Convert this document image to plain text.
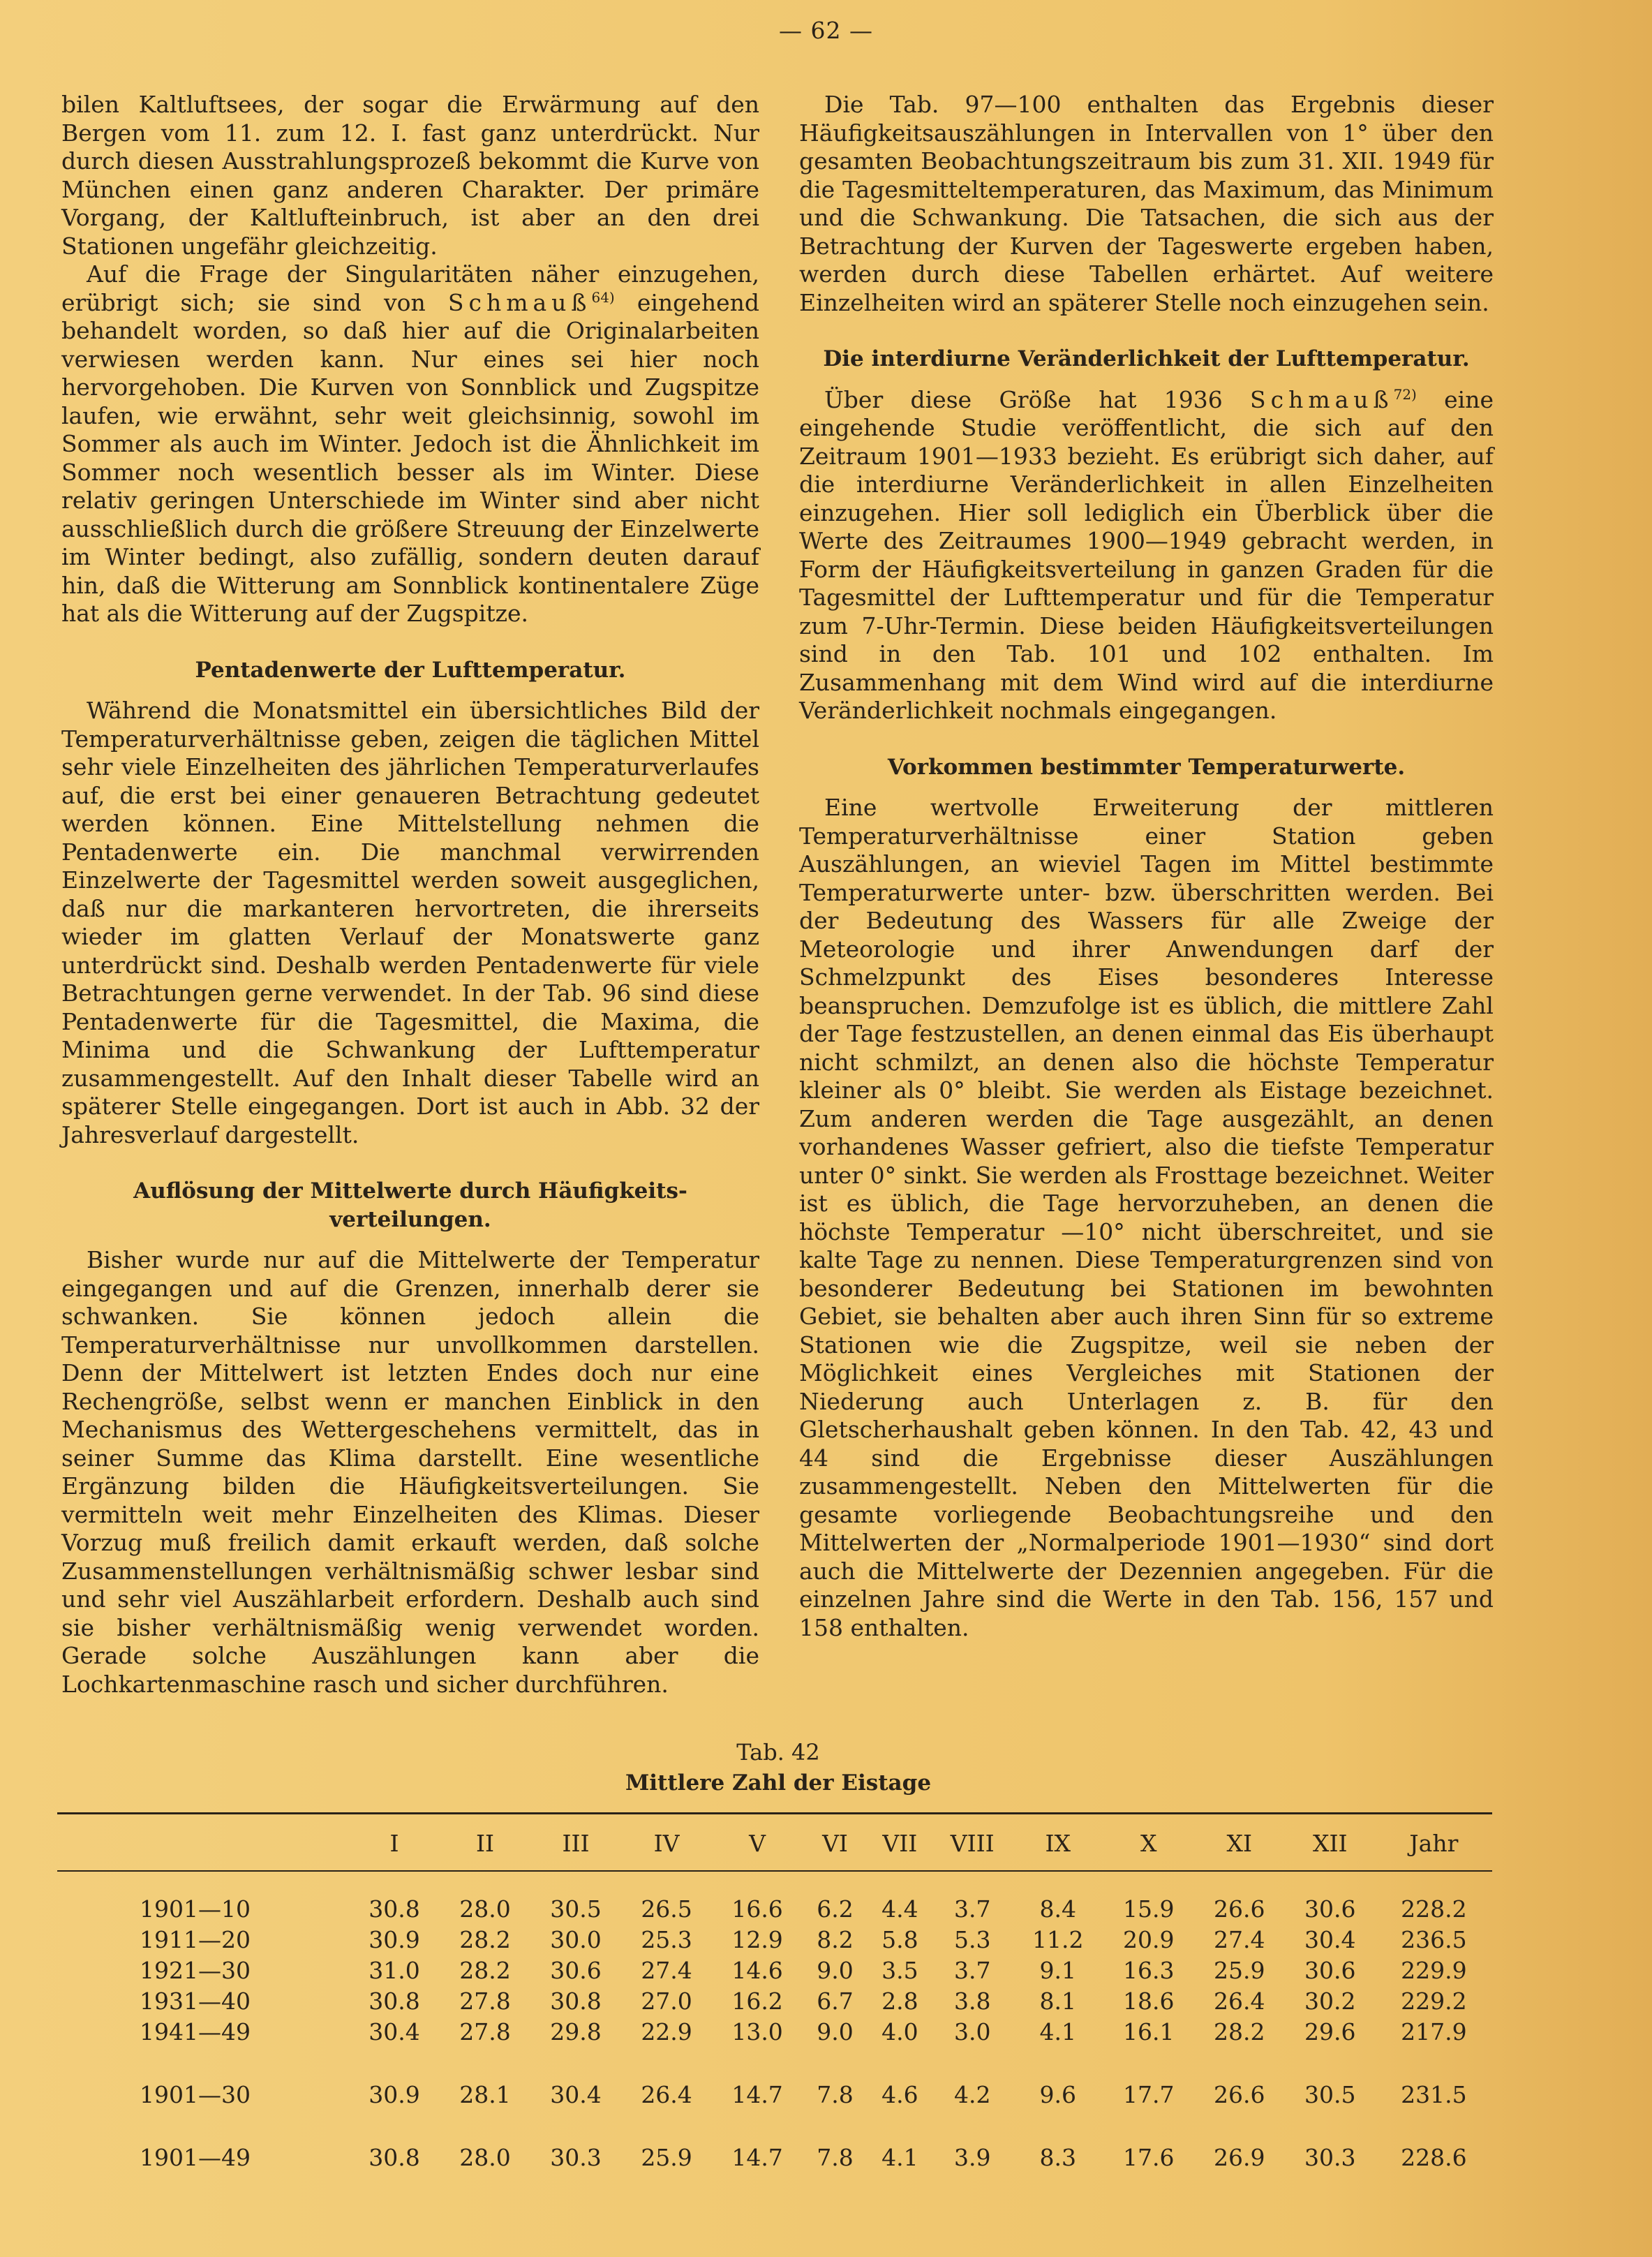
— 62 —

bilen Kaltluftsees, der sogar die Erwärmung auf den Bergen vom 11. zum 12. I. fast ganz unterdrückt. Nur durch diesen Ausstrahlungsprozeß bekommt die Kurve von München einen ganz anderen Charakter. Der primäre Vorgang, der Kaltlufteinbruch, ist aber an den drei Stationen ungefähr gleichzeitig.

Auf die Frage der Singularitäten näher einzugehen, erübrigt sich; sie sind von Schmauß$^{64)}$ eingehend behandelt worden, so daß hier auf die Originalarbeiten verwiesen werden kann. Nur eines sei hier noch hervorgehoben. Die Kurven von Sonnblick und Zugspitze laufen, wie erwähnt, sehr weit gleichsinnig, sowohl im Sommer als auch im Winter. Jedoch ist die Ähnlichkeit im Sommer noch wesentlich besser als im Winter. Diese relativ geringen Unterschiede im Winter sind aber nicht ausschließlich durch die größere Streuung der Einzelwerte im Winter bedingt, also zufällig, sondern deuten darauf hin, daß die Witterung am Sonnblick kontinentalere Züge hat als die Witterung auf der Zugspitze.

Pentadenwerte der Lufttemperatur.

Während die Monatsmittel ein übersichtliches Bild der Temperaturverhältnisse geben, zeigen die täglichen Mittel sehr viele Einzelheiten des jährlichen Temperaturverlaufes auf, die erst bei einer genaueren Betrachtung gedeutet werden können. Eine Mittelstellung nehmen die Pentadenwerte ein. Die manchmal verwirrenden Einzelwerte der Tagesmittel werden soweit ausgeglichen, daß nur die markanteren hervortreten, die ihrerseits wieder im glatten Verlauf der Monatswerte ganz unterdrückt sind. Deshalb werden Pentadenwerte für viele Betrachtungen gerne verwendet. In der Tab. 96 sind diese Pentadenwerte für die Tagesmittel, die Maxima, die Minima und die Schwankung der Lufttemperatur zusammengestellt. Auf den Inhalt dieser Tabelle wird an späterer Stelle eingegangen. Dort ist auch in Abb. 32 der Jahresverlauf dargestellt.

Auflösung der Mittelwerte durch Häufigkeits-
verteilungen.

Bisher wurde nur auf die Mittelwerte der Temperatur eingegangen und auf die Grenzen, innerhalb derer sie schwanken. Sie können jedoch allein die Temperaturverhältnisse nur unvollkommen darstellen. Denn der Mittelwert ist letzten Endes doch nur eine Rechengröße, selbst wenn er manchen Einblick in den Mechanismus des Wettergeschehens vermittelt, das in seiner Summe das Klima darstellt. Eine wesentliche Ergänzung bilden die Häufigkeitsverteilungen. Sie vermitteln weit mehr Einzelheiten des Klimas. Dieser Vorzug muß freilich damit erkauft werden, daß solche Zusammenstellungen verhältnismäßig schwer lesbar sind und sehr viel Auszählarbeit erfordern. Deshalb auch sind sie bisher verhältnismäßig wenig verwendet worden. Gerade solche Auszählungen kann aber die Lochkartenmaschine rasch und sicher durchführen.

Die Tab. 97—100 enthalten das Ergebnis dieser Häufigkeitsauszählungen in Intervallen von 1° über den gesamten Beobachtungszeitraum bis zum 31. XII. 1949 für die Tagesmitteltemperaturen, das Maximum, das Minimum und die Schwankung. Die Tatsachen, die sich aus der Betrachtung der Kurven der Tageswerte ergeben haben, werden durch diese Tabellen erhärtet. Auf weitere Einzelheiten wird an späterer Stelle noch einzugehen sein.

Die interdiurne Veränderlichkeit der Lufttemperatur.

Über diese Größe hat 1936 Schmauß$^{72)}$ eine eingehende Studie veröffentlicht, die sich auf den Zeitraum 1901—1933 bezieht. Es erübrigt sich daher, auf die interdiurne Veränderlichkeit in allen Einzelheiten einzugehen. Hier soll lediglich ein Überblick über die Werte des Zeitraumes 1900—1949 gebracht werden, in Form der Häufigkeitsverteilung in ganzen Graden für die Tagesmittel der Lufttemperatur und für die Temperatur zum 7-Uhr-Termin. Diese beiden Häufigkeitsverteilungen sind in den Tab. 101 und 102 enthalten. Im Zusammenhang mit dem Wind wird auf die interdiurne Veränderlichkeit nochmals eingegangen.

Vorkommen bestimmter Temperaturwerte.

Eine wertvolle Erweiterung der mittleren Temperaturverhältnisse einer Station geben Auszählungen, an wieviel Tagen im Mittel bestimmte Temperaturwerte unter- bzw. überschritten werden. Bei der Bedeutung des Wassers für alle Zweige der Meteorologie und ihrer Anwendungen darf der Schmelzpunkt des Eises besonderes Interesse beanspruchen. Demzufolge ist es üblich, die mittlere Zahl der Tage festzustellen, an denen einmal das Eis überhaupt nicht schmilzt, an denen also die höchste Temperatur kleiner als 0° bleibt. Sie werden als Eistage bezeichnet. Zum anderen werden die Tage ausgezählt, an denen vorhandenes Wasser gefriert, also die tiefste Temperatur unter 0° sinkt. Sie werden als Frosttage bezeichnet. Weiter ist es üblich, die Tage hervorzuheben, an denen die höchste Temperatur —10° nicht überschreitet, und sie kalte Tage zu nennen. Diese Temperaturgrenzen sind von besonderer Bedeutung bei Stationen im bewohnten Gebiet, sie behalten aber auch ihren Sinn für so extreme Stationen wie die Zugspitze, weil sie neben der Möglichkeit eines Vergleiches mit Stationen der Niederung auch Unterlagen z. B. für den Gletscherhaushalt geben können. In den Tab. 42, 43 und 44 sind die Ergebnisse dieser Auszählungen zusammengestellt. Neben den Mittelwerten für die gesamte vorliegende Beobachtungsreihe und den Mittelwerten der „Normalperiode 1901—1930“ sind dort auch die Mittelwerte der Dezennien angegeben. Für die einzelnen Jahre sind die Werte in den Tab. 156, 157 und 158 enthalten.

Tab. 42
Mittlere Zahl der Eistage
	I	II	III	IV	V	VI	VII	VIII	IX	X	XI	XII	Jahr
1901—10	30.8	28.0	30.5	26.5	16.6	6.2	4.4	3.7	8.4	15.9	26.6	30.6	228.2
1911—20	30.9	28.2	30.0	25.3	12.9	8.2	5.8	5.3	11.2	20.9	27.4	30.4	236.5
1921—30	31.0	28.2	30.6	27.4	14.6	9.0	3.5	3.7	9.1	16.3	25.9	30.6	229.9
1931—40	30.8	27.8	30.8	27.0	16.2	6.7	2.8	3.8	8.1	18.6	26.4	30.2	229.2
1941—49	30.4	27.8	29.8	22.9	13.0	9.0	4.0	3.0	4.1	16.1	28.2	29.6	217.9

1901—30	30.9	28.1	30.4	26.4	14.7	7.8	4.6	4.2	9.6	17.7	26.6	30.5	231.5

1901—49	30.8	28.0	30.3	25.9	14.7	7.8	4.1	3.9	8.3	17.6	26.9	30.3	228.6
